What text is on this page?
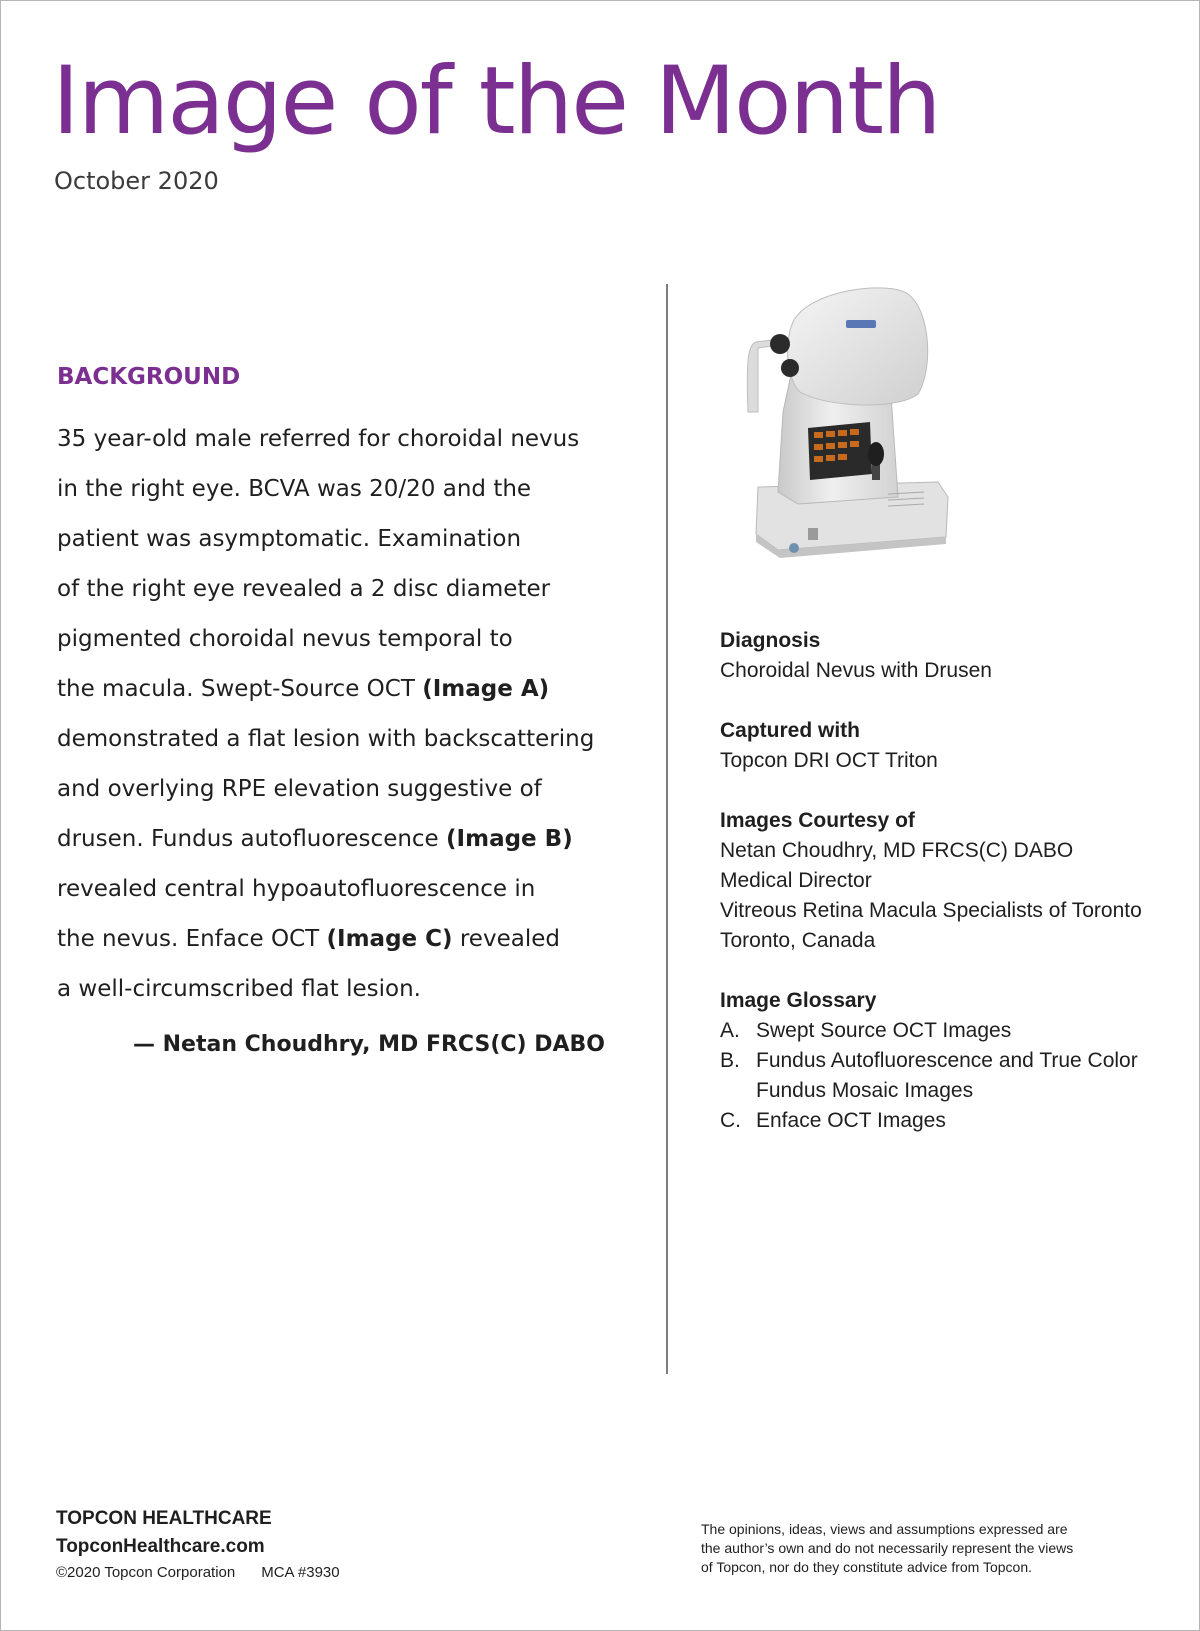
Image of the Month
October 2020
BACKGROUND
35 year-old male referred for choroidal nevus
in the right eye. BCVA was 20/20 and the
patient was asymptomatic. Examination
of the right eye revealed a 2 disc diameter
pigmented choroidal nevus temporal to
the macula. Swept-Source OCT (Image A)
demonstrated a flat lesion with backscattering
and overlying RPE elevation suggestive of
drusen. Fundus autofluorescence (Image B)
revealed central hypoautofluorescence in
the nevus. Enface OCT (Image C) revealed
a well-circumscribed flat lesion.
— Netan Choudhry, MD FRCS(C) DABO
Diagnosis
Choroidal Nevus with Drusen
Captured with
Topcon DRI OCT Triton
Images Courtesy of
Netan Choudhry, MD FRCS(C) DABO
Medical Director
Vitreous Retina Macula Specialists of Toronto
Toronto, Canada
Image Glossary
A. Swept Source OCT Images
B. Fundus Autofluorescence and True Color
Fundus Mosaic Images
C. Enface OCT Images
TOPCON HEALTHCARE
TopconHealthcare.com
©2020 Topcon Corporation MCA #3930
The opinions, ideas, views and assumptions expressed are
the author’s own and do not necessarily represent the views
of Topcon, nor do they constitute advice from Topcon.
